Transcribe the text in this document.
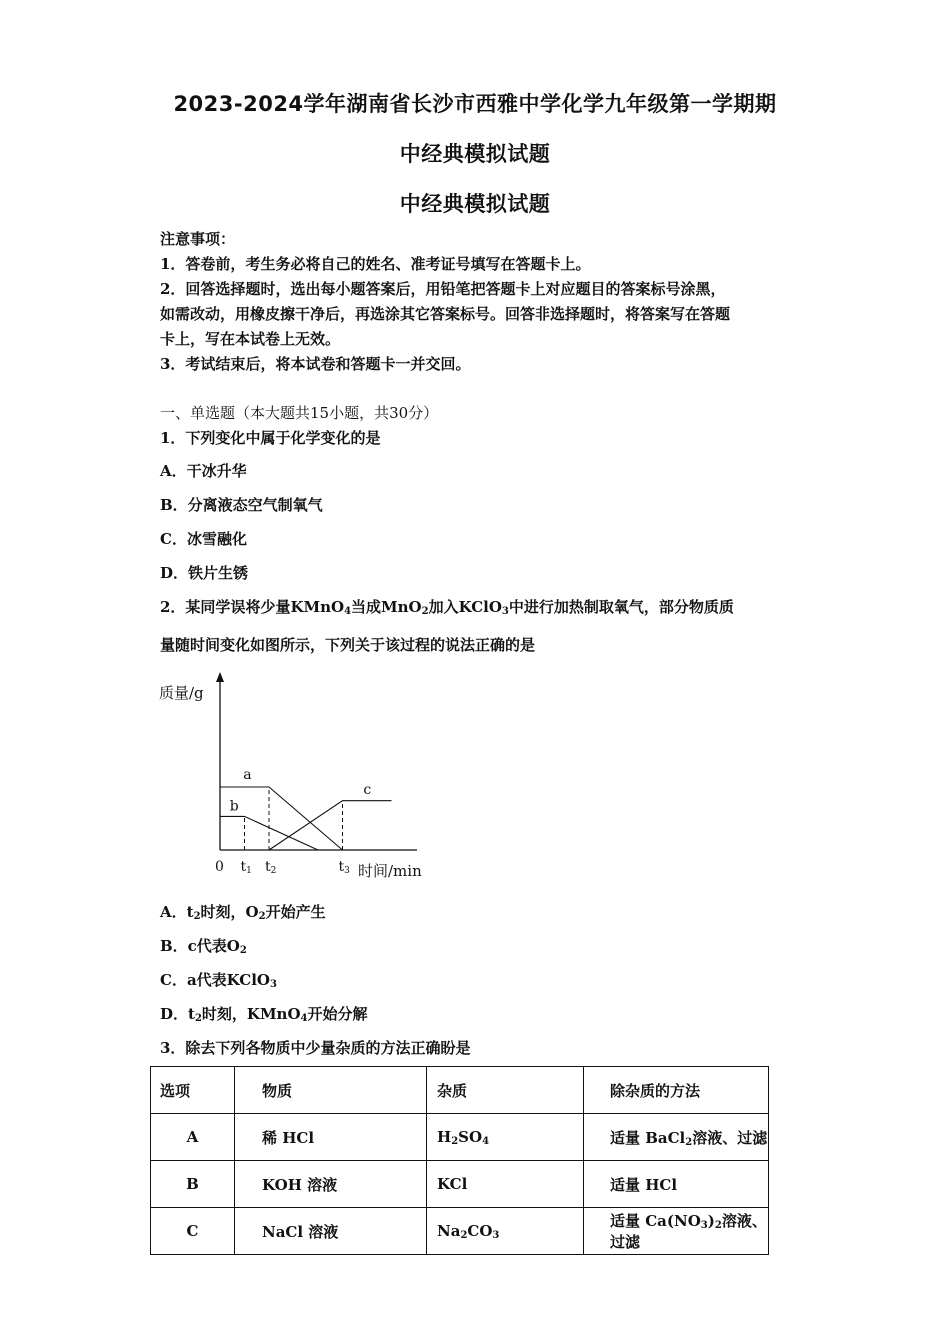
2023-2024学年湖南省长沙市西雅中学化学九年级第一学期期
中经典模拟试题
中经典模拟试题
注意事项：
1．答卷前，考生务必将自己的姓名、准考证号填写在答题卡上。
2．回答选择题时，选出每小题答案后，用铅笔把答题卡上对应题目的答案标号涂黑，
如需改动，用橡皮擦干净后，再选涂其它答案标号。回答非选择题时，将答案写在答题
卡上，写在本试卷上无效。
3．考试结束后，将本试卷和答题卡一并交回。
一、单选题（本大题共15小题，共30分）
1．下列变化中属于化学变化的是
A．干冰升华
B．分离液态空气制氧气
C．冰雪融化
D．铁片生锈
2．某同学误将少量KMnO$_4$当成MnO$_2$加入KClO$_3$中进行加热制取氧气，部分物质质
量随时间变化如图所示，下列关于该过程的说法正确的是
质量/g
时间/min
a
b
c
0 t1 t2	t3
A．$t_2$时刻，$O_2$开始产生
B．c代表$O_2$
C．a代表KClO$_3$
D．$t_2$时刻，KMnO$_4$开始分解
3．除去下列各物质中少量杂质的方法正确盼是
选项	物质	杂质	除杂质的方法
A	稀 HCl	$H_2SO_4$	适量 BaCl$_2$溶液、过滤
B	KOH 溶液	KCl	适量 HCl
C	NaCl 溶液	$Na_2CO_3$	适量 $Ca(NO_3)_2$溶液、过滤
